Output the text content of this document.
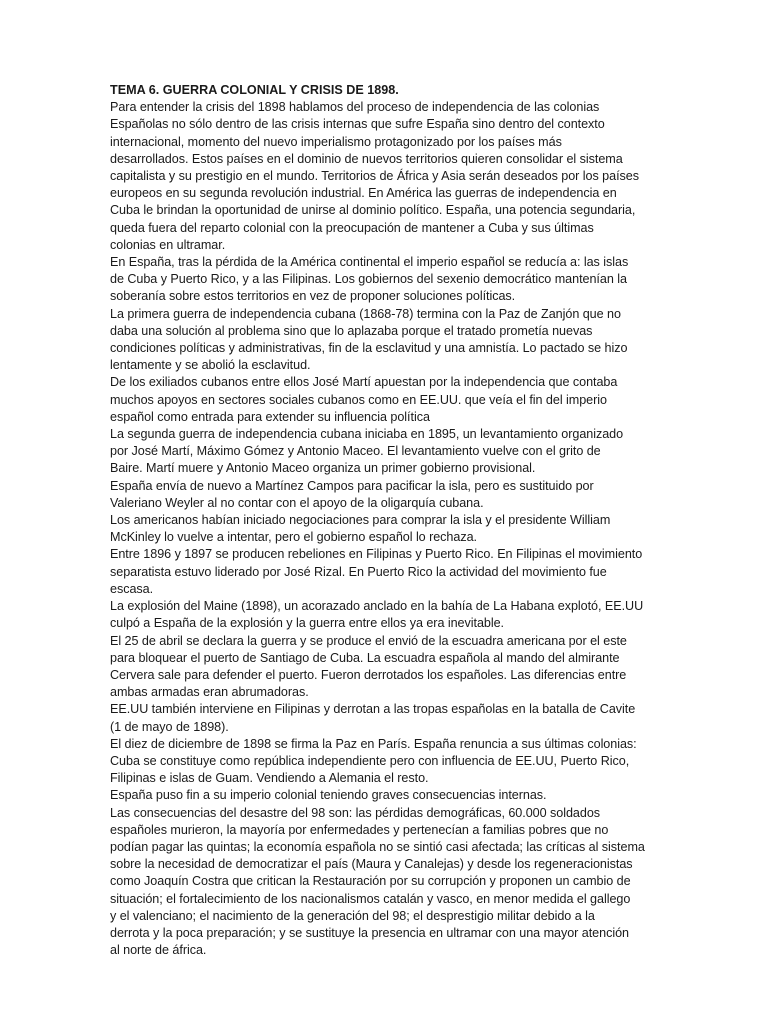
TEMA 6. GUERRA COLONIAL Y CRISIS DE 1898.

Para entender la crisis del 1898 hablamos del proceso de independencia de las colonias
Españolas no sólo dentro de las crisis internas que sufre España sino dentro del contexto
internacional, momento del nuevo imperialismo protagonizado por los países más
desarrollados. Estos países en el dominio de nuevos territorios quieren consolidar el sistema
capitalista y su prestigio en el mundo. Territorios de África y Asia serán deseados por los países
europeos en su segunda revolución industrial. En América las guerras de independencia en
Cuba le brindan la oportunidad de unirse al dominio político. España, una potencia segundaria,
queda fuera del reparto colonial con la preocupación de mantener a Cuba y sus últimas
colonias en ultramar.

En España, tras la pérdida de la América continental el imperio español se reducía a: las islas
de Cuba y Puerto Rico, y a las Filipinas. Los gobiernos del sexenio democrático mantenían la
soberanía sobre estos territorios en vez de proponer soluciones políticas.

La primera guerra de independencia cubana (1868-78) termina con la Paz de Zanjón que no
daba una solución al problema sino que lo aplazaba porque el tratado prometía nuevas
condiciones políticas y administrativas, fin de la esclavitud y una amnistía. Lo pactado se hizo
lentamente y se abolió la esclavitud.

De los exiliados cubanos entre ellos José Martí apuestan por la independencia que contaba
muchos apoyos en sectores sociales cubanos como en EE.UU. que veía el fin del imperio
español como entrada para extender su influencia política

La segunda guerra de independencia cubana iniciaba en 1895, un levantamiento organizado
por José Martí, Máximo Gómez y Antonio Maceo. El levantamiento vuelve con el grito de
Baire. Martí muere y Antonio Maceo organiza un primer gobierno provisional.

España envía de nuevo a Martínez Campos para pacificar la isla, pero es sustituido por
Valeriano Weyler al no contar con el apoyo de la oligarquía cubana.

Los americanos habían iniciado negociaciones para comprar la isla y el presidente William
McKinley lo vuelve a intentar, pero el gobierno español lo rechaza.

Entre 1896 y 1897 se producen rebeliones en Filipinas y Puerto Rico. En Filipinas el movimiento
separatista estuvo liderado por José Rizal. En Puerto Rico la actividad del movimiento fue
escasa.

La explosión del Maine (1898), un acorazado anclado en la bahía de La Habana explotó, EE.UU
culpó a España de la explosión y la guerra entre ellos ya era inevitable.

El 25 de abril se declara la guerra y se produce el envió de la escuadra americana por el este
para bloquear el puerto de Santiago de Cuba. La escuadra española al mando del almirante
Cervera sale para defender el puerto. Fueron derrotados los españoles. Las diferencias entre
ambas armadas eran abrumadoras.

EE.UU también interviene en Filipinas y derrotan a las tropas españolas en la batalla de Cavite
(1 de mayo de 1898).

El diez de diciembre de 1898 se firma la Paz en París. España renuncia a sus últimas colonias:
Cuba se constituye como república independiente pero con influencia de EE.UU, Puerto Rico,
Filipinas e islas de Guam. Vendiendo a Alemania el resto.

España puso fin a su imperio colonial teniendo graves consecuencias internas.

Las consecuencias del desastre del 98 son: las pérdidas demográficas, 60.000 soldados
españoles murieron, la mayoría por enfermedades y pertenecían a familias pobres que no
podían pagar las quintas; la economía española no se sintió casi afectada; las críticas al sistema
sobre la necesidad de democratizar el país (Maura y Canalejas) y desde los regeneracionistas
como Joaquín Costra que critican la Restauración por su corrupción y proponen un cambio de
situación; el fortalecimiento de los nacionalismos catalán y vasco, en menor medida el gallego
y el valenciano; el nacimiento de la generación del 98; el desprestigio militar debido a la
derrota y la poca preparación; y se sustituye la presencia en ultramar con una mayor atención
al norte de áfrica.
